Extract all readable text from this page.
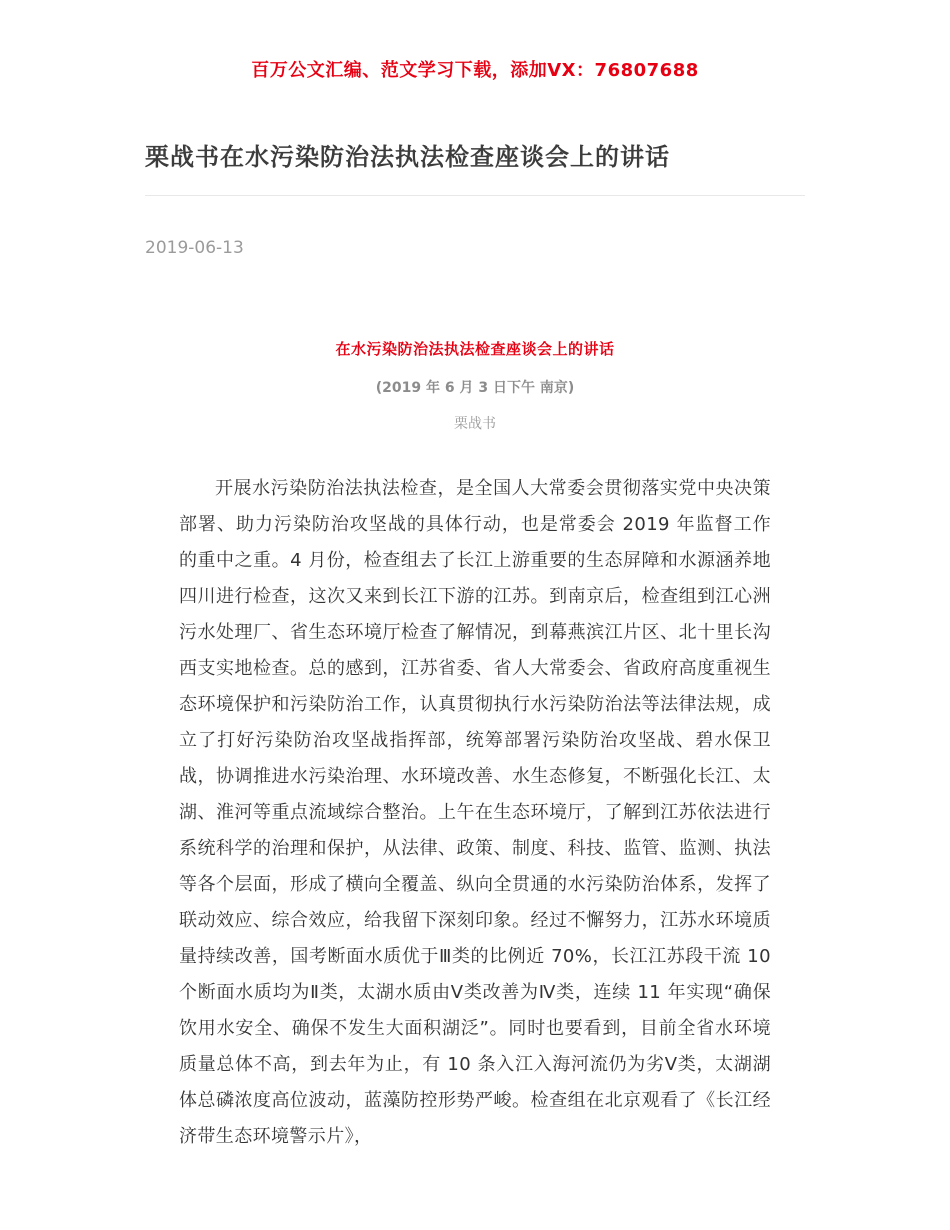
百万公文汇编、范文学习下载，添加VX：76807688
栗战书在水污染防治法执法检查座谈会上的讲话
2019-06-13
在水污染防治法执法检查座谈会上的讲话
(2019 年 6 月 3 日下午 南京)
栗战书

开展水污染防治法执法检查，是全国人大常委会贯彻落实党中央决策部署、助力污染防治攻坚战的具体行动，也是常委会 2019 年监督工作的重中之重。4 月份，检查组去了长江上游重要的生态屏障和水源涵养地四川进行检查，这次又来到长江下游的江苏。到南京后，检查组到江心洲污水处理厂、省生态环境厅检查了解情况，到幕燕滨江片区、北十里长沟西支实地检查。总的感到，江苏省委、省人大常委会、省政府高度重视生态环境保护和污染防治工作，认真贯彻执行水污染防治法等法律法规，成立了打好污染防治攻坚战指挥部，统筹部署污染防治攻坚战、碧水保卫战，协调推进水污染治理、水环境改善、水生态修复，不断强化长江、太湖、淮河等重点流域综合整治。上午在生态环境厅，了解到江苏依法进行系统科学的治理和保护，从法律、政策、制度、科技、监管、监测、执法等各个层面，形成了横向全覆盖、纵向全贯通的水污染防治体系，发挥了联动效应、综合效应，给我留下深刻印象。经过不懈努力，江苏水环境质量持续改善，国考断面水质优于Ⅲ类的比例近 70%，长江江苏段干流 10 个断面水质均为Ⅱ类，太湖水质由Ⅴ类改善为Ⅳ类，连续 11 年实现“确保饮用水安全、确保不发生大面积湖泛”。同时也要看到，目前全省水环境质量总体不高，到去年为止，有 10 条入江入海河流仍为劣Ⅴ类，太湖湖体总磷浓度高位波动，蓝藻防控形势严峻。检查组在北京观看了《长江经济带生态环境警示片》，
